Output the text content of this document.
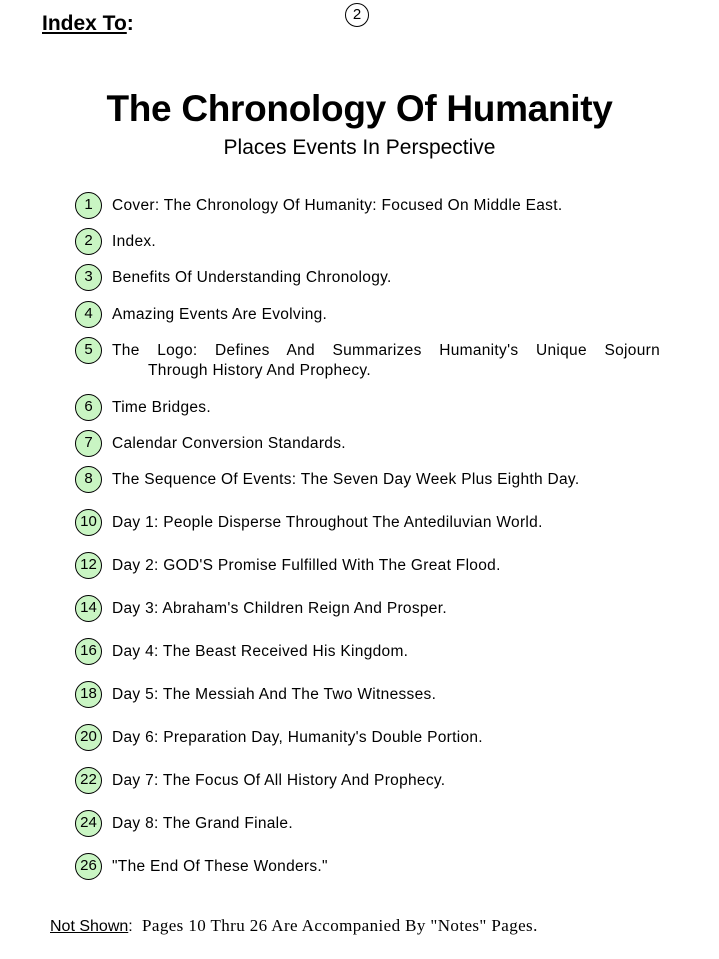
Index To:	2
The Chronology Of Humanity
Places Events In Perspective
1	Cover: The Chronology Of Humanity: Focused On Middle East.
2	Index.
3	Benefits Of Understanding Chronology.
4	Amazing Events Are Evolving.
5	The Logo: Defines And Summarizes Humanity's Unique Sojourn
Through History And Prophecy.
6	Time Bridges.
7	Calendar Conversion Standards.
8	The Sequence Of Events: The Seven Day Week Plus Eighth Day.
10 Day 1: People Disperse Throughout The Antediluvian World.
12 Day 2: GOD'S Promise Fulfilled With The Great Flood.
14 Day 3: Abraham's Children Reign And Prosper.
16 Day 4: The Beast Received His Kingdom.
18 Day 5: The Messiah And The Two Witnesses.
20 Day 6: Preparation Day, Humanity's Double Portion.
22 Day 7: The Focus Of All History And Prophecy.
24 Day 8: The Grand Finale.
26 "The End Of These Wonders."
Not Shown:  Pages 10 Thru 26 Are Accompanied By "Notes" Pages.
